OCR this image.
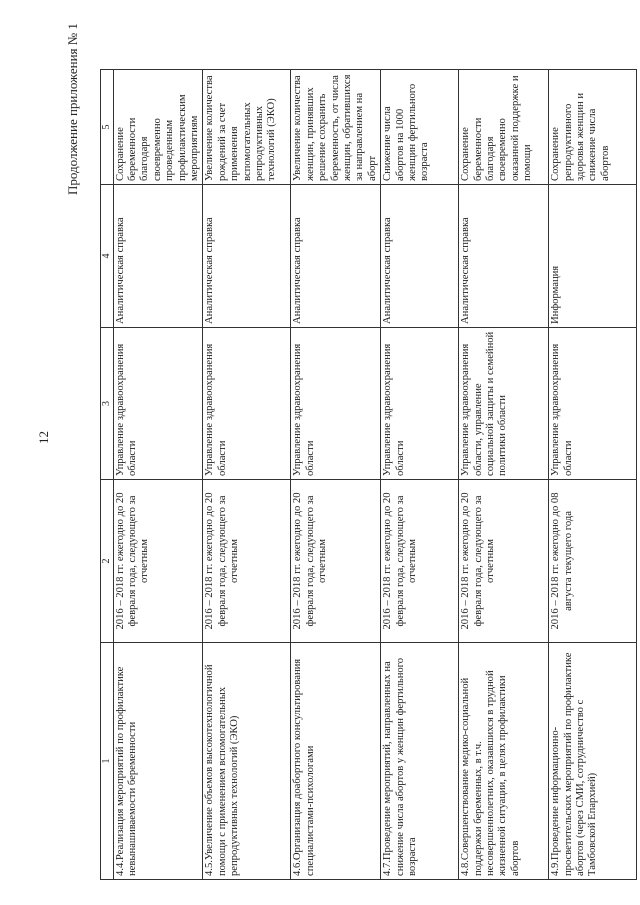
12
Продолжение приложения № 1
1	2	3	4	5
4.4.Реализация мероприятий по профилактике невынашиваемости беременности	2016 – 2018 гг. ежегодно до 20 февраля года, следующего за отчетным	Управление здравоохранения области	Аналитическая справка	Сохранение беременности благодаря своевременно проведенным профилактическим мероприятиям
4.5.Увеличение объемов высокотехнологичной помощи с применением вспомогательных репродуктивных технологий (ЭКО)	2016 – 2018 гг. ежегодно до 20 февраля года, следующего за отчетным	Управление здравоохранения области	Аналитическая справка	Увеличение количества рождений за счет применения вспомогательных репродуктивных технологий (ЭКО)
4.6.Организация доабортного консультирования специалистами-психологами	2016 – 2018 гг. ежегодно до 20 февраля года, следующего за отчетным	Управление здравоохранения области	Аналитическая справка	Увеличение количества женщин, принявших решение сохранить беременность, от числа женщин, обратившихся за направлением на аборт
4.7.Проведение мероприятий, направленных на снижение числа абортов у женщин фертильного возраста	2016 – 2018 гг. ежегодно до 20 февраля года, следующего за отчетным	Управление здравоохранения области	Аналитическая справка	Снижение числа абортов на 1000 женщин фертильного возраста
4.8.Совершенствование медико-социальной поддержки беременных, в т.ч. несовершеннолетних, оказавшихся в трудной жизненной ситуации, в целях профилактики абортов	2016 – 2018 гг. ежегодно до 20 февраля года, следующего за отчетным	Управление здравоохранения области, управление социальной защиты и семейной политики области	Аналитическая справка	Сохранение беременности благодаря своевременно оказанной поддержке и помощи
4.9.Проведение информационно-просветительских мероприятий по профилактике абортов (через СМИ, сотрудничество с Тамбовской Епархией)	2016 – 2018 гг. ежегодно до 08 августа текущего года	Управление здравоохранения области	Информация	Сохранение репродуктивного здоровья женщин и снижение числа абортов
